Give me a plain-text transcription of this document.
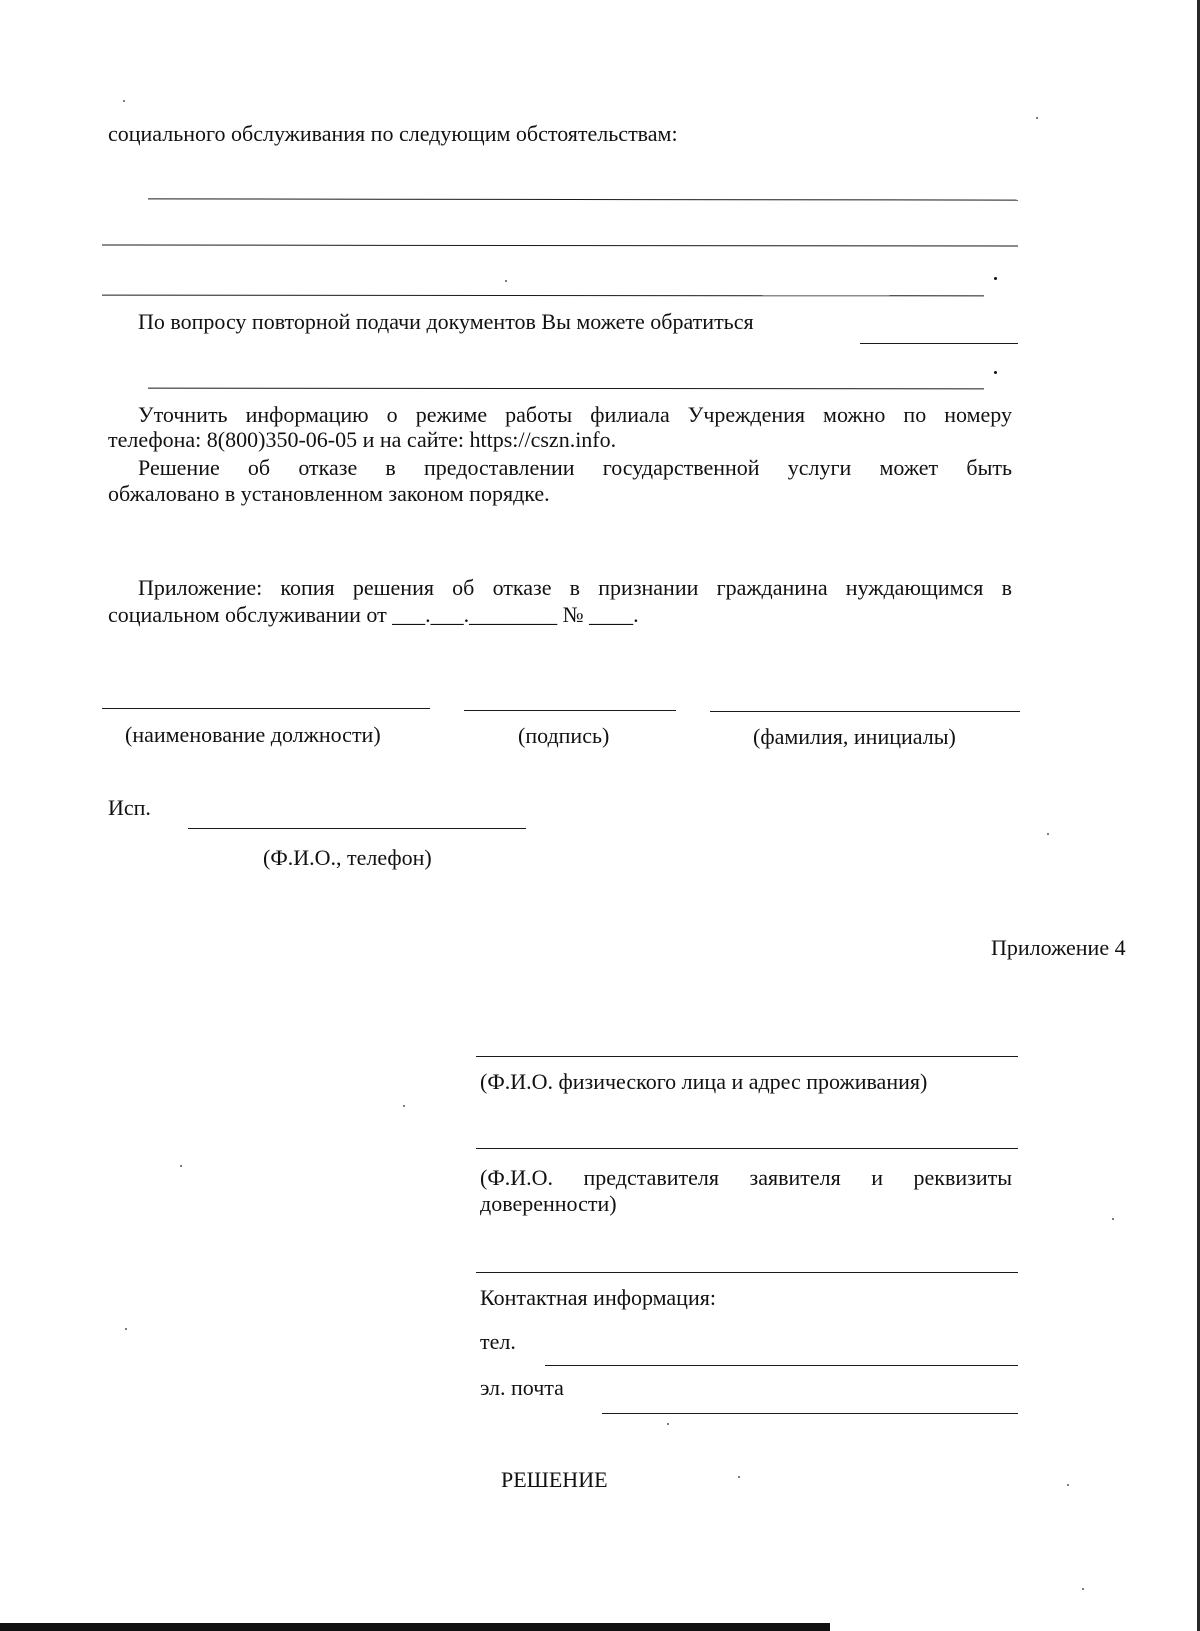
социального обслуживания по следующим обстоятельствам:
По вопросу повторной подачи документов Вы можете обратиться
Уточнить информацию о режиме работы филиала Учреждения можно по номеру
телефона: 8(800)350-06-05 и на сайте: https://cszn.info.
Решение об отказе в предоставлении государственной услуги может быть
обжаловано в установленном законом порядке.
Приложение: копия решения об отказе в признании гражданина нуждающимся в
социальном обслуживании от ___.___.________ № ____.
(наименование должности)	(подпись)	(фамилия, инициалы)
Исп.
(Ф.И.О., телефон)
Приложение 4
(Ф.И.О. физического лица и адрес проживания)
(Ф.И.О. представителя заявителя и реквизиты
доверенности)
Контактная информация:
тел.
эл. почта
РЕШЕНИЕ
